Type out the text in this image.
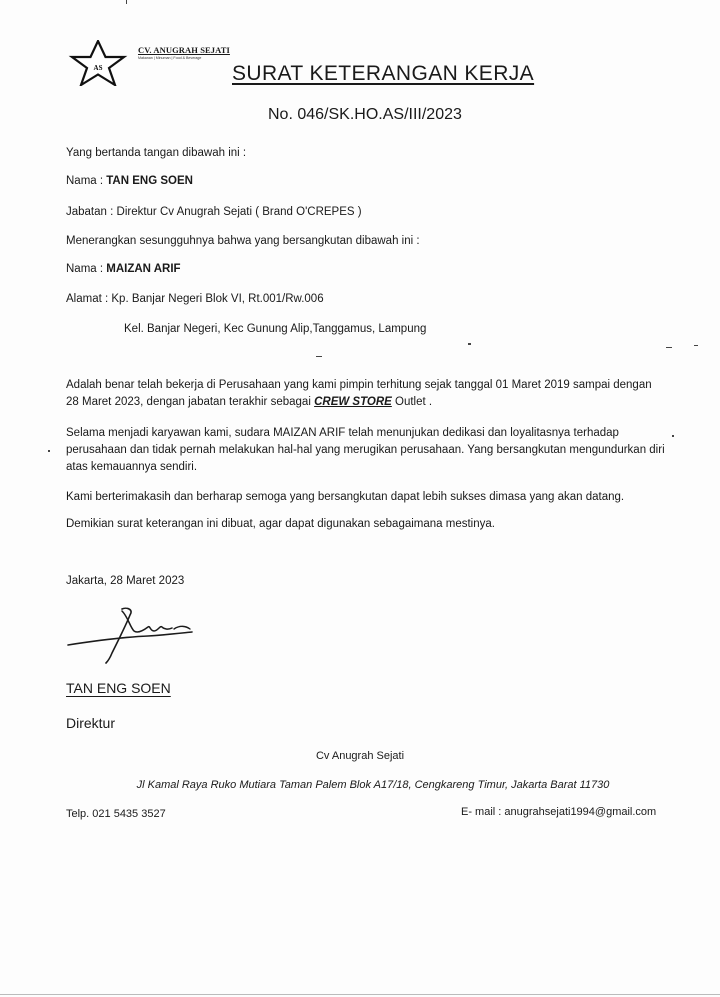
AS
CV. ANUGRAH SEJATI
Makanan | Minuman | Food & Beverage
SURAT KETERANGAN KERJA
No. 046/SK.HO.AS/III/2023
Yang bertanda tangan dibawah ini :
Nama : TAN ENG SOEN
Jabatan : Direktur Cv Anugrah Sejati ( Brand O'CREPES )
Menerangkan sesungguhnya bahwa yang bersangkutan dibawah ini :
Nama : MAIZAN ARIF
Alamat : Kp. Banjar Negeri Blok VI, Rt.001/Rw.006
Kel. Banjar Negeri, Kec Gunung Alip,Tanggamus, Lampung
Adalah benar telah bekerja di Perusahaan yang kami pimpin terhitung sejak tanggal 01 Maret 2019 sampai dengan 28 Maret 2023, dengan jabatan terakhir sebagai CREW STORE Outlet .
Selama menjadi karyawan kami, sudara MAIZAN ARIF telah menunjukan dedikasi dan loyalitasnya terhadap perusahaan dan tidak pernah melakukan hal-hal yang merugikan perusahaan. Yang bersangkutan mengundurkan diri atas kemauannya sendiri.
Kami berterimakasih dan berharap semoga yang bersangkutan dapat lebih sukses dimasa yang akan datang.
Demikian surat keterangan ini dibuat, agar dapat digunakan sebagaimana mestinya.
Jakarta, 28 Maret 2023
TAN ENG SOEN
Direktur
Cv Anugrah Sejati
Jl Kamal Raya Ruko Mutiara Taman Palem Blok A17/18, Cengkareng Timur, Jakarta Barat 11730
Telp. 021 5435 3527	E- mail : anugrahsejati1994@gmail.com
